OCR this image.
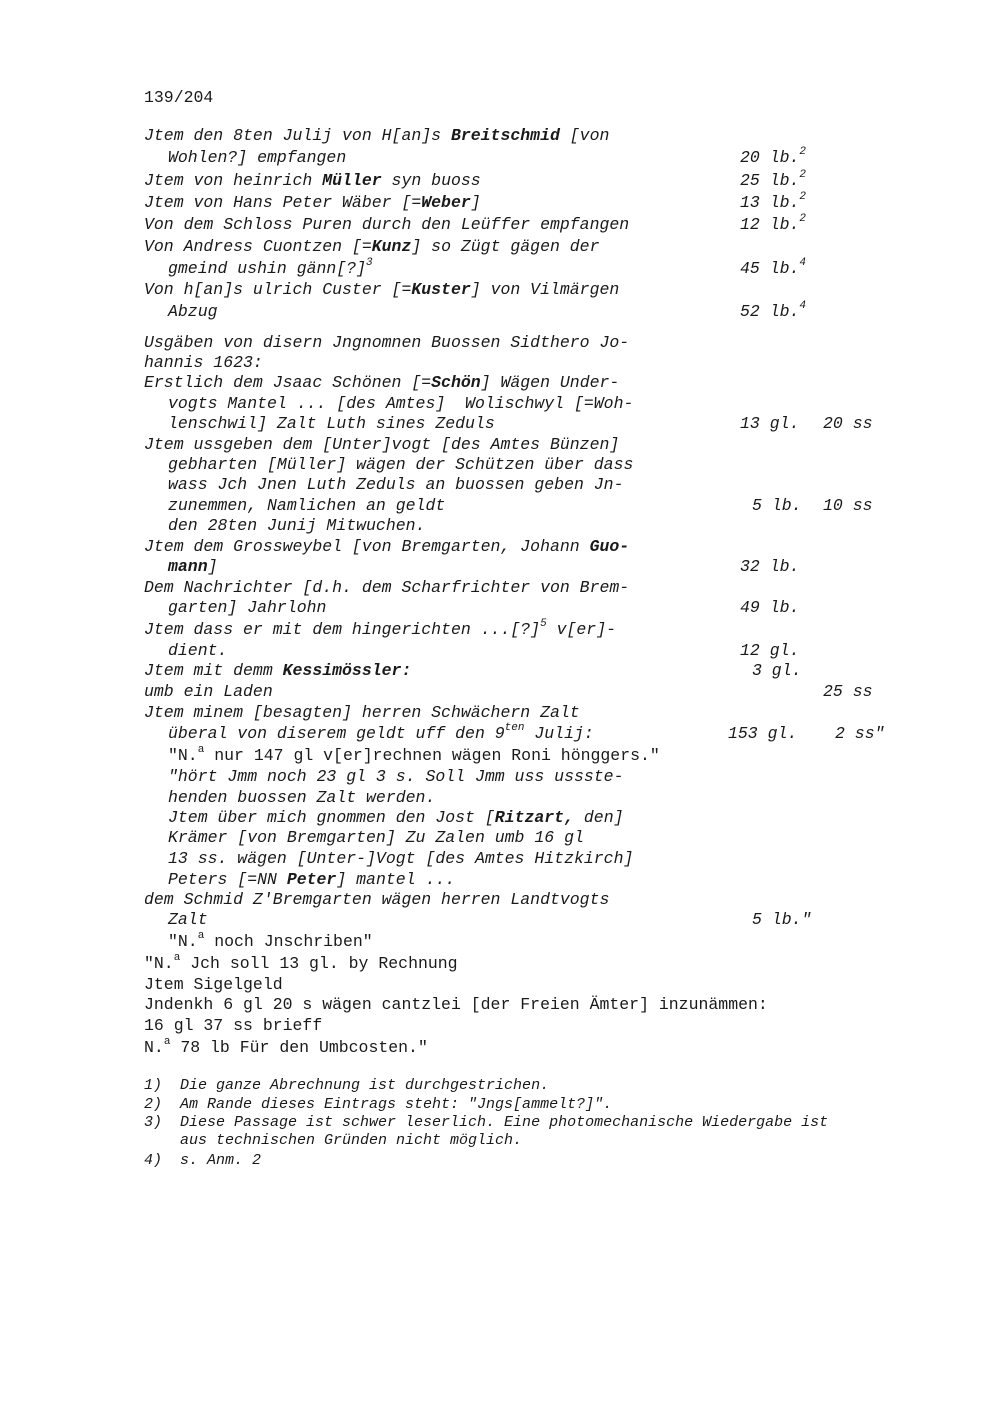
139/204
Jtem den 8ten Julij von H[an]s Breitschmid [von
Wohlen?] empfangen	20 lb.$^2$
Jtem von heinrich Müller syn buoss	25 lb.$^2$
Jtem von Hans Peter Wäber [=Weber]	13 lb.$^2$
Von dem Schloss Puren durch den Leüffer empfangen	12 lb.$^2$
Von Andress Cuontzen [=Kunz] so Zügt gägen der
gmeind ushin gänn[?]$^3$	45 lb.$^4$
Von h[an]s ulrich Custer [=Kuster] von Vilmärgen
Abzug	52 lb.$^4$
Usgäben von disern Jngnomnen Buossen Sidthero Jo-
hannis 1623:
Erstlich dem Jsaac Schönen [=Schön] Wägen Under-
vogts Mantel ... [des Amtes]  Wolischwyl [=Woh-
lenschwil] Zalt Luth sines Zeduls	13 gl. 20 ss
Jtem ussgeben dem [Unter]vogt [des Amtes Bünzen]
gebharten [Müller] wägen der Schützen über dass
wass Jch Jnen Luth Zeduls an buossen geben Jn-
zunemmen, Namlichen an geldt	5 lb. 10 ss
den 28ten Junij Mitwuchen.
Jtem dem Grossweybel [von Bremgarten, Johann Guo-
mann]	32 lb.
Dem Nachrichter [d.h. dem Scharfrichter von Brem-
garten] Jahrlohn	49 lb.
Jtem dass er mit dem hingerichten ...[?]$^5$ v[er]-
dient.	12 gl.
Jtem mit demm Kessimössler:	3 gl.
umb ein Laden	25 ss
Jtem minem [besagten] herren Schwächern Zalt
überal von diserem geldt uff den $9^{ten}$ Julij:	153 gl. 2 ss"
"N.$^a$ nur 147 gl v[er]rechnen wägen Roni hönggers."
"hört Jmm noch 23 gl 3 s. Soll Jmm uss ussste-
henden buossen Zalt werden.
Jtem über mich gnommen den Jost [Ritzart, den]
Krämer [von Bremgarten] Zu Zalen umb 16 gl
13 ss. wägen [Unter-]Vogt [des Amtes Hitzkirch]
Peters [=NN Peter] mantel ...
dem Schmid Z'Bremgarten wägen herren Landtvogts
Zalt	5 lb."
"N.$^a$ noch Jnschriben"
"N.$^a$ Jch soll 13 gl. by Rechnung
Jtem Sigelgeld
Jndenkh 6 gl 20 s wägen cantzlei [der Freien Ämter] inzunämmen:
16 gl 37 ss brieff
N.$^a$ 78 lb Für den Umbcosten."
1)  Die ganze Abrechnung ist durchgestrichen.
2)  Am Rande dieses Eintrags steht: "Jngs[ammelt?]".
3)  Diese Passage ist schwer leserlich. Eine photomechanische Wiedergabe ist
aus technischen Gründen nicht möglich.
4)  s. Anm. 2
